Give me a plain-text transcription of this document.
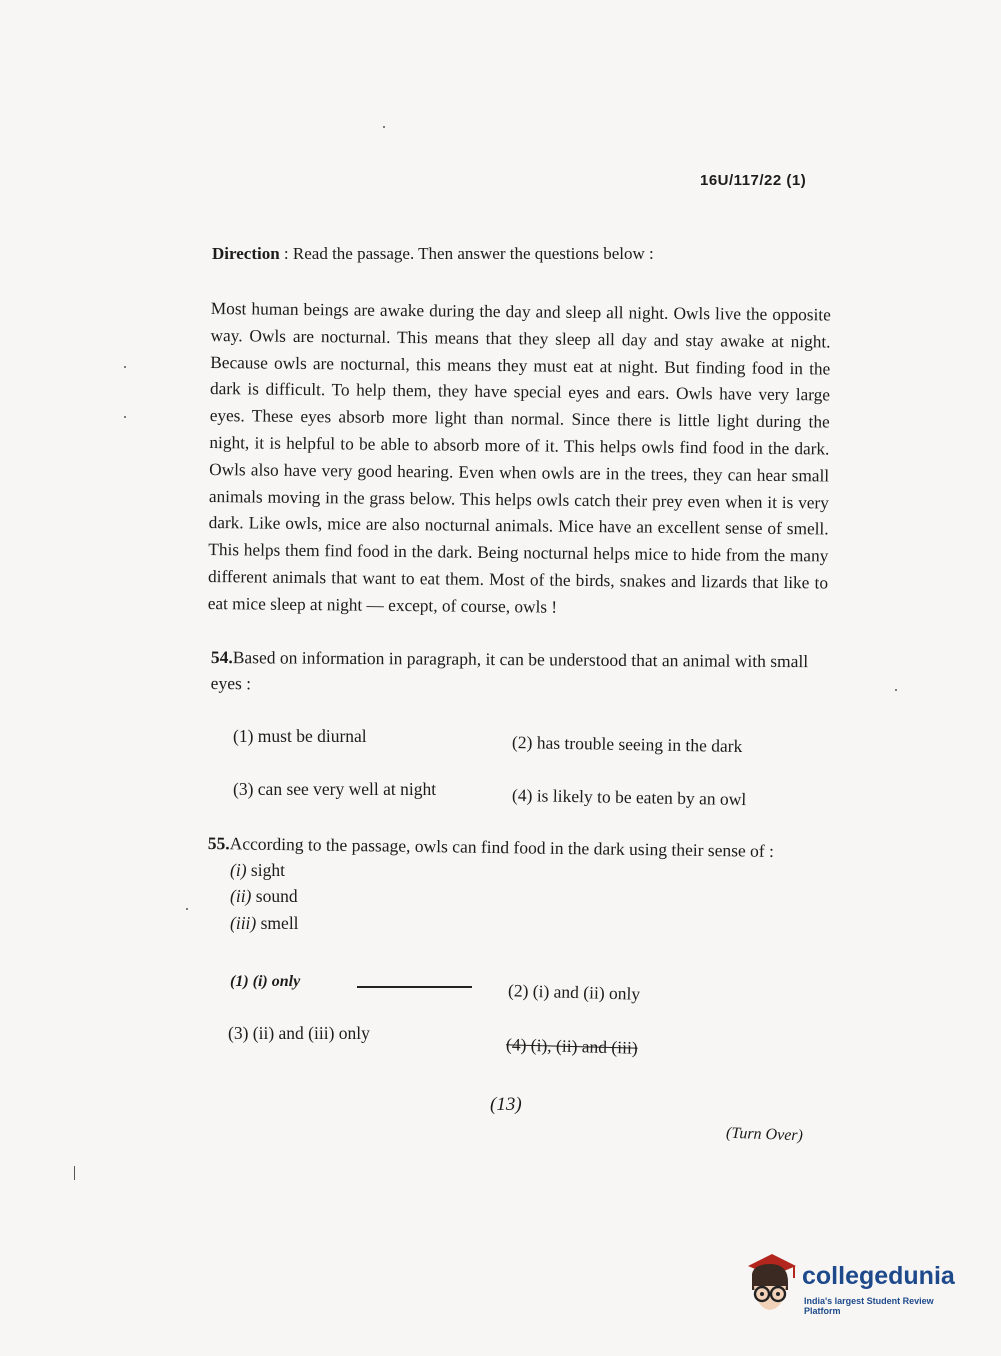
16U/117/22 (1)
Direction : Read the passage. Then answer the questions below :
Most human beings are awake during the day and sleep all night. Owls live the opposite way. Owls are nocturnal. This means that they sleep all day and stay awake at night. Because owls are nocturnal, this means they must eat at night. But finding food in the dark is difficult. To help them, they have special eyes and ears. Owls have very large eyes. These eyes absorb more light than normal. Since there is little light during the night, it is helpful to be able to absorb more of it. This helps owls find food in the dark. Owls also have very good hearing. Even when owls are in the trees, they can hear small animals moving in the grass below. This helps owls catch their prey even when it is very dark. Like owls, mice are also nocturnal animals. Mice have an excellent sense of smell. This helps them find food in the dark. Being nocturnal helps mice to hide from the many different animals that want to eat them. Most of the birds, snakes and lizards that like to eat mice sleep at night — except, of course, owls !
54.Based on information in paragraph, it can be understood that an animal with small eyes :
(1) must be diurnal	(2) has trouble seeing in the dark
(3) can see very well at night	(4) is likely to be eaten by an owl
55.According to the passage, owls can find food in the dark using their sense of :
(i) sight
(ii) sound
(iii) smell
(1) (i) only	(2) (i) and (ii) only
(3) (ii) and (iii) only
(4) (i), (ii) and (iii)
(13)
(Turn Over)
collegedunia
India's largest Student Review Platform
